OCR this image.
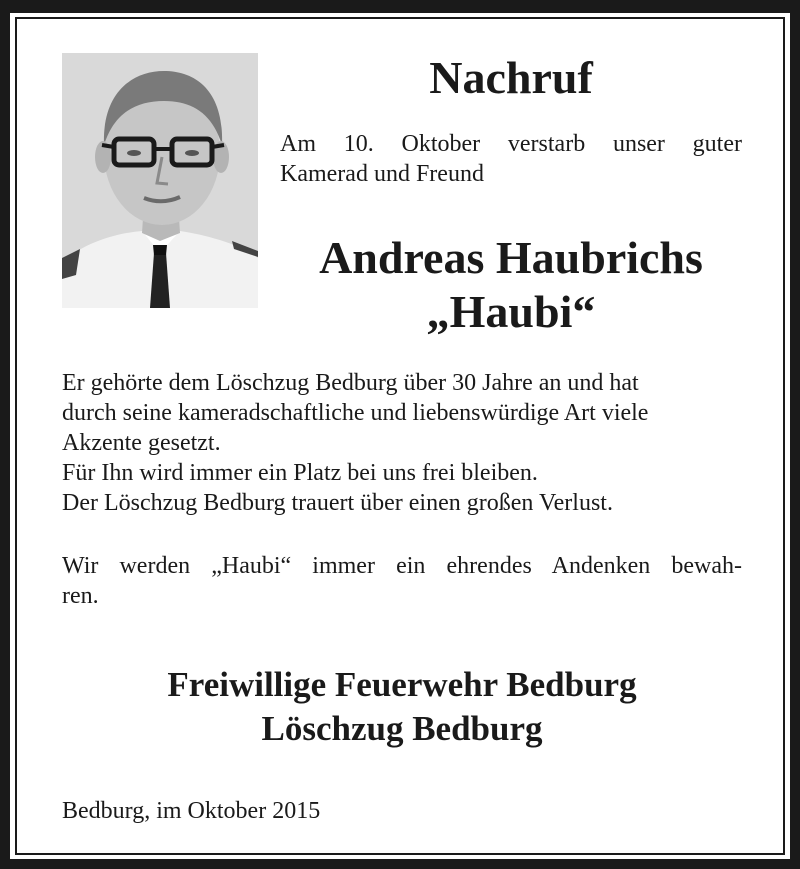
Nachruf

Am 10. Oktober verstarb unser guter
Kamerad und Freund

Andreas Haubrichs
„Haubi“

Er gehörte dem Löschzug Bedburg über 30 Jahre an und hat
durch seine kameradschaftliche und liebenswürdige Art viele
Akzente gesetzt.
Für Ihn wird immer ein Platz bei uns frei bleiben.
Der Löschzug Bedburg trauert über einen großen Verlust.

Wir werden „Haubi“ immer ein ehrendes Andenken bewah-
ren.

Freiwillige Feuerwehr Bedburg
Löschzug Bedburg

Bedburg, im Oktober 2015
